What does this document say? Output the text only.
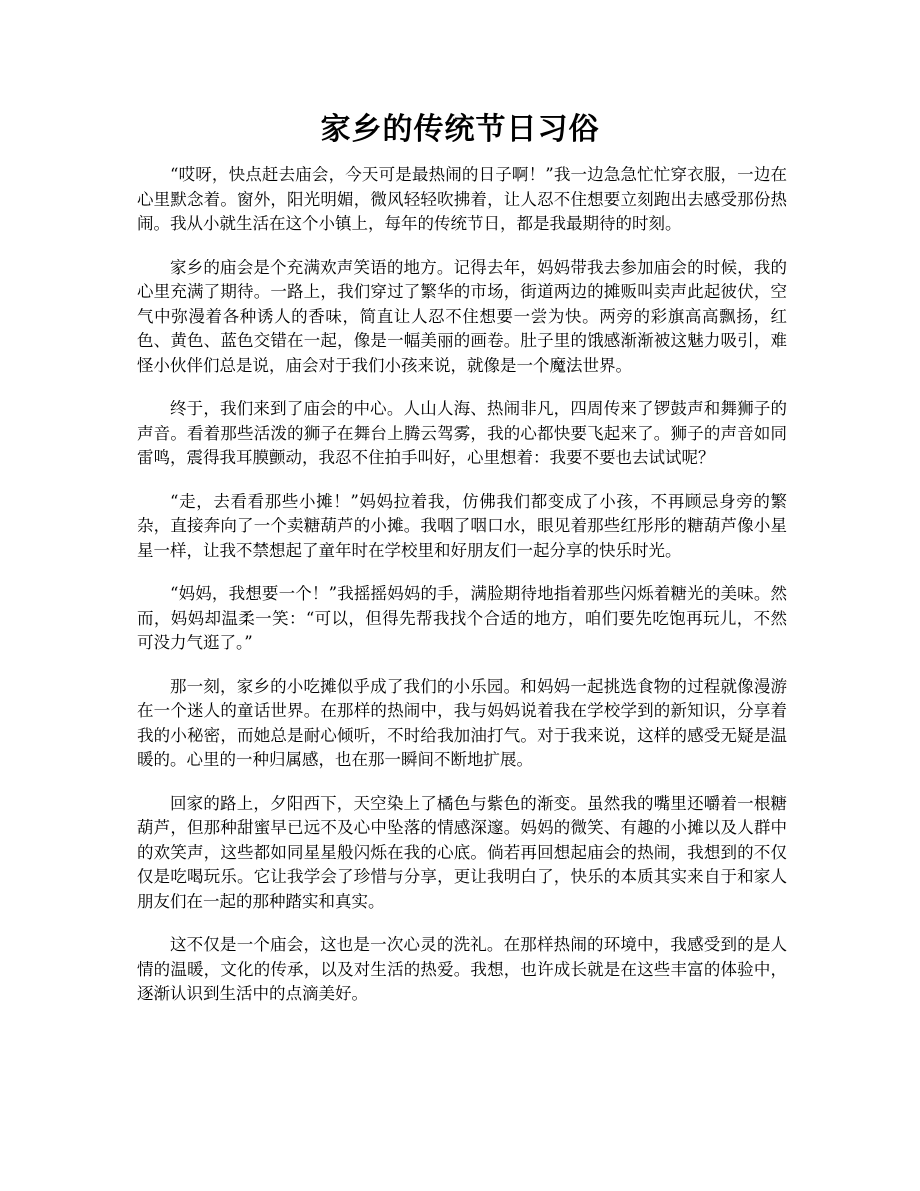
家乡的传统节日习俗

“哎呀，快点赶去庙会，今天可是最热闹的日子啊！”我一边急急忙忙穿衣服，一边在心里默念着。窗外，阳光明媚，微风轻轻吹拂着，让人忍不住想要立刻跑出去感受那份热闹。我从小就生活在这个小镇上，每年的传统节日，都是我最期待的时刻。

家乡的庙会是个充满欢声笑语的地方。记得去年，妈妈带我去参加庙会的时候，我的心里充满了期待。一路上，我们穿过了繁华的市场，街道两边的摊贩叫卖声此起彼伏，空气中弥漫着各种诱人的香味，简直让人忍不住想要一尝为快。两旁的彩旗高高飘扬，红色、黄色、蓝色交错在一起，像是一幅美丽的画卷。肚子里的饿感渐渐被这魅力吸引，难怪小伙伴们总是说，庙会对于我们小孩来说，就像是一个魔法世界。

终于，我们来到了庙会的中心。人山人海、热闹非凡，四周传来了锣鼓声和舞狮子的声音。看着那些活泼的狮子在舞台上腾云驾雾，我的心都快要飞起来了。狮子的声音如同雷鸣，震得我耳膜颤动，我忍不住拍手叫好，心里想着：我要不要也去试试呢？

“走，去看看那些小摊！”妈妈拉着我，仿佛我们都变成了小孩，不再顾忌身旁的繁杂，直接奔向了一个卖糖葫芦的小摊。我咽了咽口水，眼见着那些红彤彤的糖葫芦像小星星一样，让我不禁想起了童年时在学校里和好朋友们一起分享的快乐时光。

“妈妈，我想要一个！”我摇摇妈妈的手，满脸期待地指着那些闪烁着糖光的美味。然而，妈妈却温柔一笑：“可以，但得先帮我找个合适的地方，咱们要先吃饱再玩儿，不然可没力气逛了。”

那一刻，家乡的小吃摊似乎成了我们的小乐园。和妈妈一起挑选食物的过程就像漫游在一个迷人的童话世界。在那样的热闹中，我与妈妈说着我在学校学到的新知识，分享着我的小秘密，而她总是耐心倾听，不时给我加油打气。对于我来说，这样的感受无疑是温暖的。心里的一种归属感，也在那一瞬间不断地扩展。

回家的路上，夕阳西下，天空染上了橘色与紫色的渐变。虽然我的嘴里还嚼着一根糖葫芦，但那种甜蜜早已远不及心中坠落的情感深邃。妈妈的微笑、有趣的小摊以及人群中的欢笑声，这些都如同星星般闪烁在我的心底。倘若再回想起庙会的热闹，我想到的不仅仅是吃喝玩乐。它让我学会了珍惜与分享，更让我明白了，快乐的本质其实来自于和家人朋友们在一起的那种踏实和真实。

这不仅是一个庙会，这也是一次心灵的洗礼。在那样热闹的环境中，我感受到的是人情的温暖，文化的传承，以及对生活的热爱。我想，也许成长就是在这些丰富的体验中，逐渐认识到生活中的点滴美好。
